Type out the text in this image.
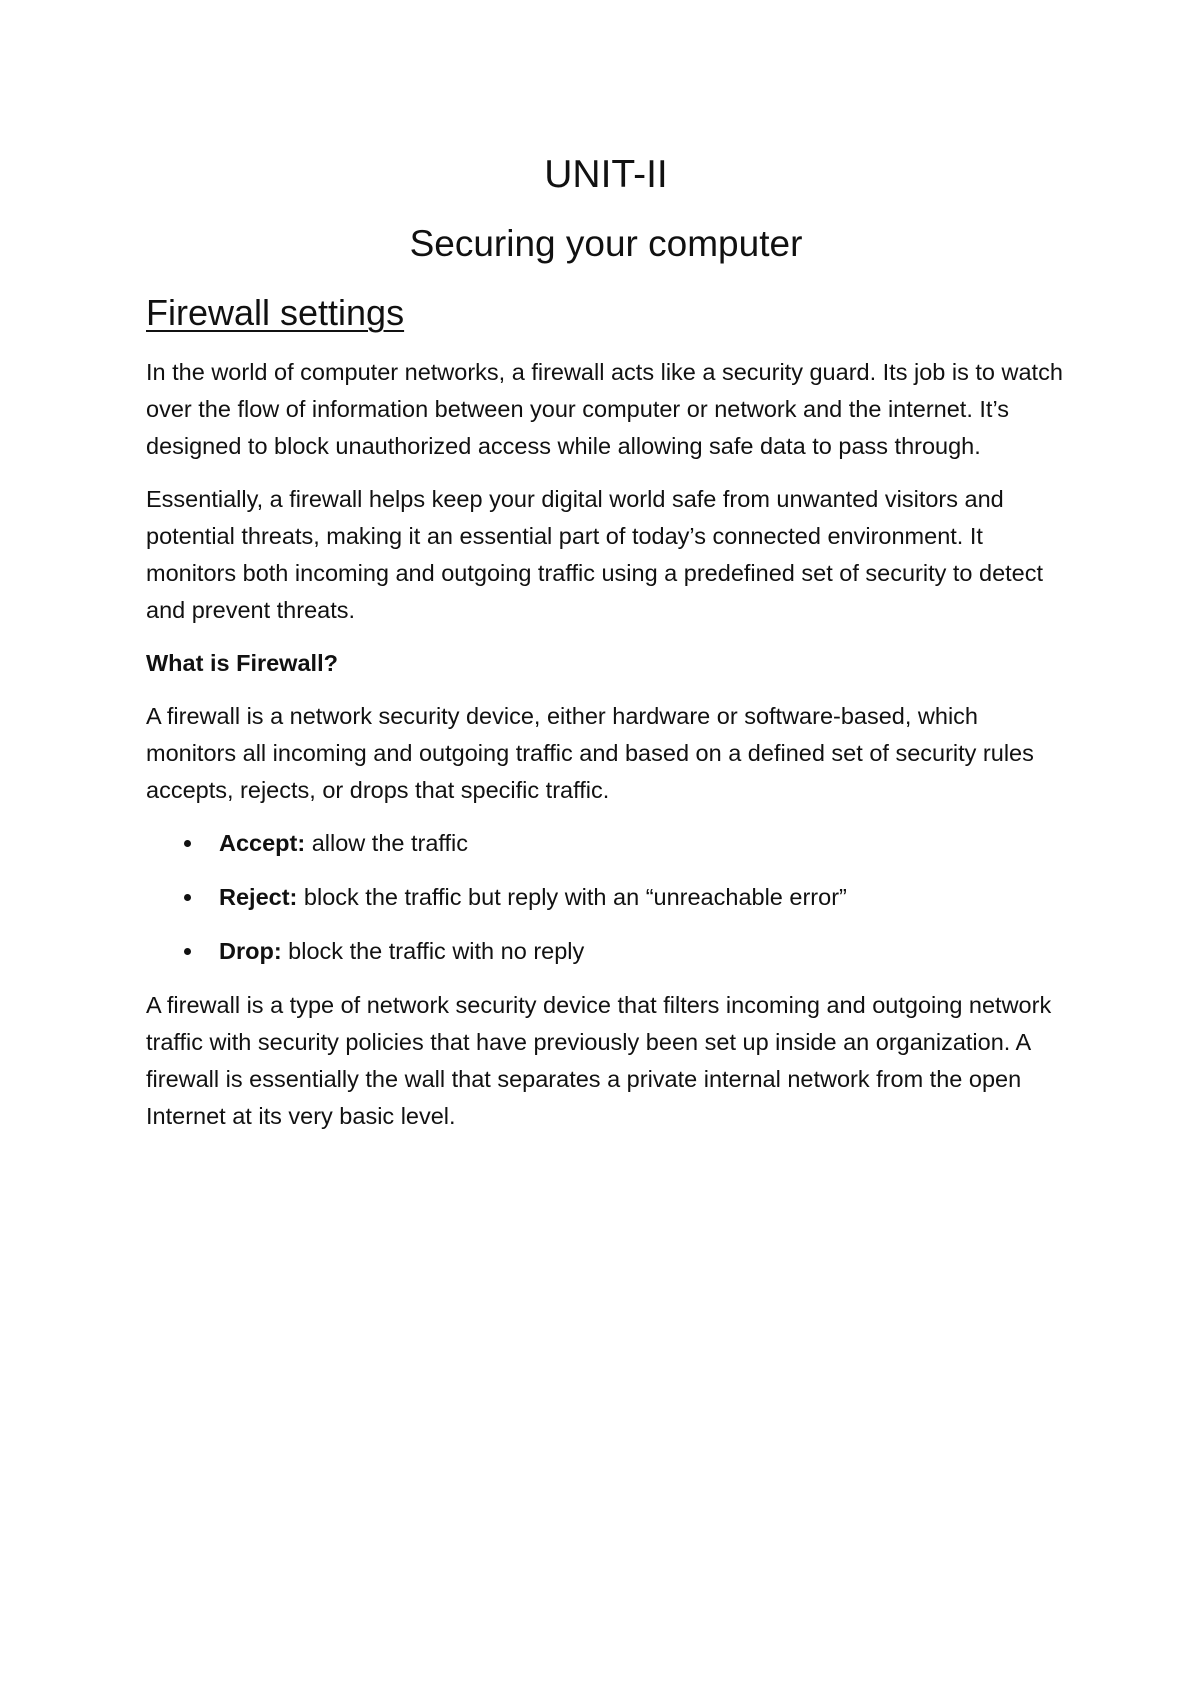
UNIT-II
Securing your computer
Firewall settings

In the world of computer networks, a firewall acts like a security guard. Its job is to watch over the flow of information between your computer or network and the internet. It’s designed to block unauthorized access while allowing safe data to pass through.

Essentially, a firewall helps keep your digital world safe from unwanted visitors and potential threats, making it an essential part of today’s connected environment. It monitors both incoming and outgoing traffic using a predefined set of security to detect and prevent threats.

What is Firewall?

A firewall is a network security device, either hardware or software-based, which monitors all incoming and outgoing traffic and based on a defined set of security rules accepts, rejects, or drops that specific traffic.

Accept: allow the traffic
Reject: block the traffic but reply with an “unreachable error”
Drop: block the traffic with no reply

A firewall is a type of network security device that filters incoming and outgoing network traffic with security policies that have previously been set up inside an organization. A firewall is essentially the wall that separates a private internal network from the open Internet at its very basic level.
